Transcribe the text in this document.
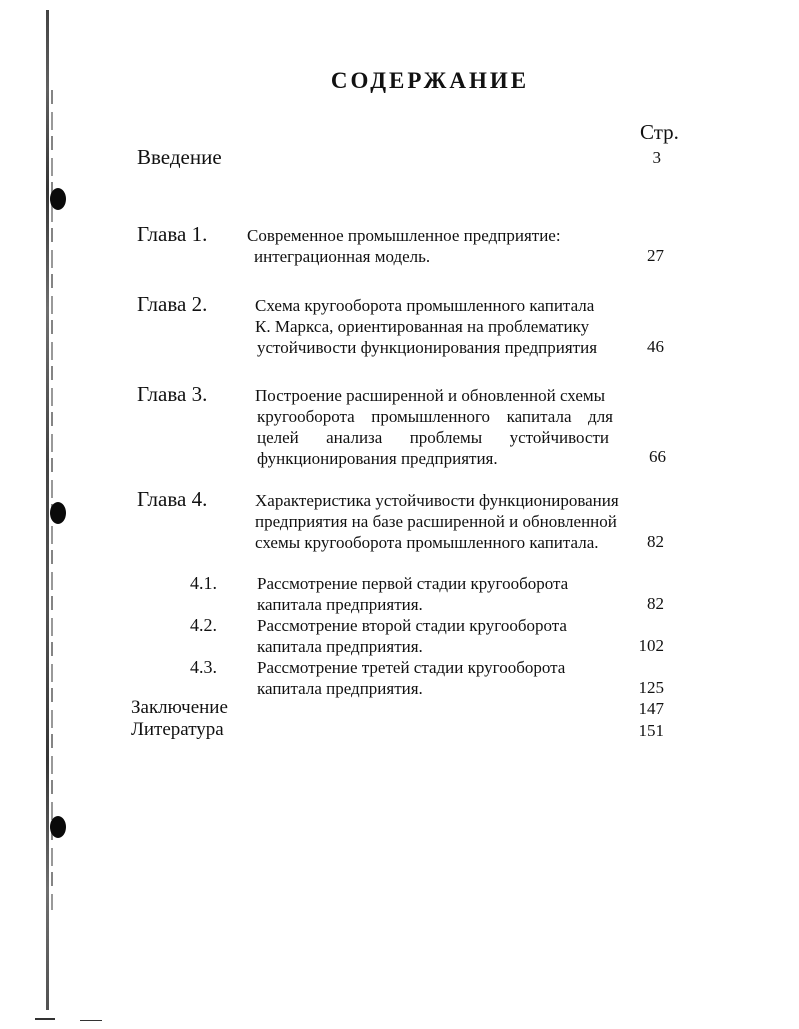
СОДЕРЖАНИЕ
Стр.
Введение	3
Глава 1. Современное промышленное предприятие:
интеграционная модель.	27
Глава 2.	Схема кругооборота промышленного капитала
К. Маркса, ориентированная на проблематику
устойчивости функционирования предприятия	46
Глава 3.	Построение расширенной и обновленной схемы
кругооборота промышленного капитала для
целей анализа проблемы устойчивости
функционирования предприятия.	66
Глава 4.	Характеристика устойчивости функционирования
предприятия на базе расширенной и обновленной
схемы кругооборота промышленного капитала.	82
4.1. Рассмотрение первой стадии кругооборота
капитала предприятия.	82
4.2. Рассмотрение второй стадии кругооборота
капитала предприятия.	102
4.3. Рассмотрение третей стадии кругооборота
капитала предприятия.	125
Заключение	147
Литература	151
